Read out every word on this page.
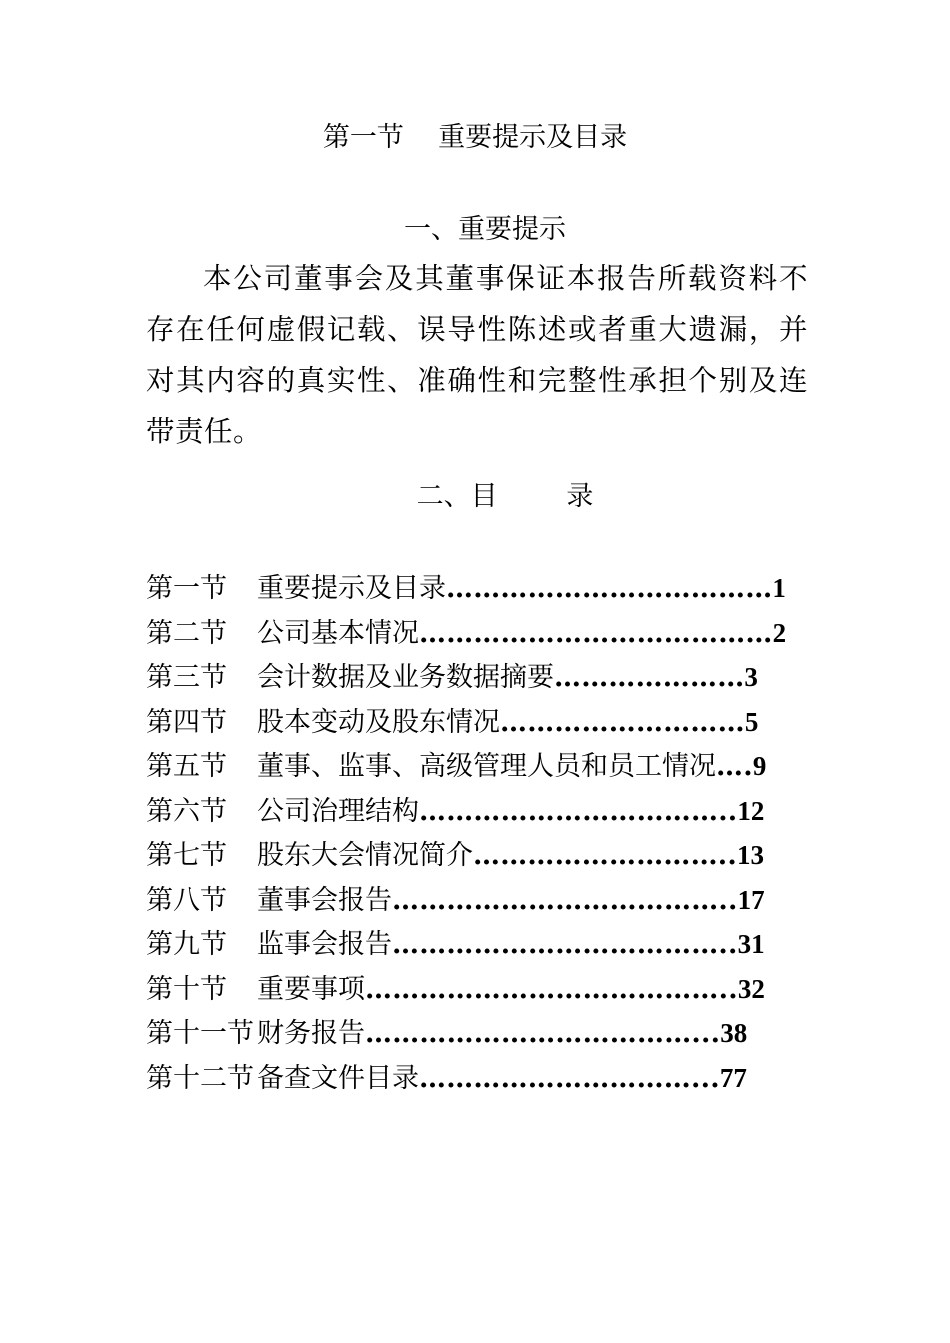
第一节    重要提示及目录
一、重要提示

本公司董事会及其董事保证本报告所载资料不存在任何虚假记载、误导性陈述或者重大遗漏，并对其内容的真实性、准确性和完整性承担个别及连带责任。

二、目        录
第一节	重要提示及目录 ……………………………… 1
第二节	公司基本情况 ………………………………… 2
第三节	会计数据及业务数据摘要 ………………… 3
第四节	股本变动及股东情况 ……………………… 5
第五节	董事、监事、高级管理人员和员工情况 …. 9
第六节	公司治理结构 …………………………….. 12
第七节	股东大会情况简介 ……………………….. 13
第八节	董事会报告 ……………………………….. 17
第九节	监事会报告 ……………………………….. 31
第十节	重要事项 ………………………………….. 32
第十一节 财务报告 ………………………………... 38
第十二节 备查文件目录 …………………………... 77
